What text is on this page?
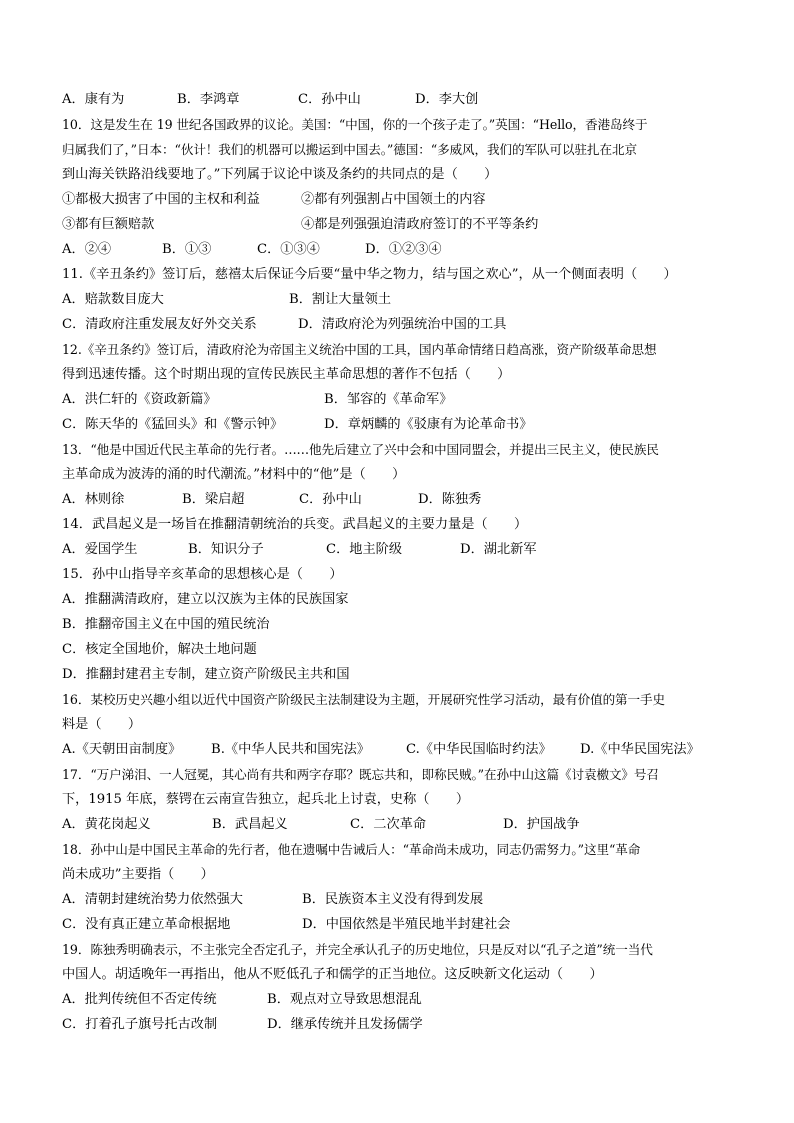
A．康有为	B．李鸿章	C．孙中山	D．李大创
10．这是发生在 19 世纪各国政界的议论。美国：“中国，你的一个孩子走了。”英国：“Hello，香港岛终于
归属我们了，”日本：“伙计！我们的机器可以搬运到中国去。”德国：“多威风，我们的军队可以驻扎在北京
到山海关铁路沿线要地了。”下列属于议论中谈及条约的共同点的是（　　）
①都极大损害了中国的主权和利益	②都有列强割占中国领土的内容
③都有巨额赔款	④都是列强强迫清政府签订的不平等条约
A．②④	B．①③	C．①③④	D．①②③④
11.《辛丑条约》签订后，慈禧太后保证今后要“量中华之物力，结与国之欢心”，从一个侧面表明（　　）
A．赔款数目庞大	B．割让大量领土
C．清政府注重发展友好外交关系	D．清政府沦为列强统治中国的工具
12.《辛丑条约》签订后，清政府沦为帝国主义统治中国的工具，国内革命情绪日趋高涨，资产阶级革命思想
得到迅速传播。这个时期出现的宣传民族民主革命思想的著作不包括（　　）
A．洪仁轩的《资政新篇》	B．邹容的《革命军》
C．陈天华的《猛回头》和《警示钟》	D．章炳麟的《驳康有为论革命书》
13．“他是中国近代民主革命的先行者。……他先后建立了兴中会和中国同盟会，并提出三民主义，使民族民
主革命成为波涛的涌的时代潮流。”材料中的“他”是（　　）
A．林则徐	B．梁启超	C．孙中山	D．陈独秀
14．武昌起义是一场旨在推翻清朝统治的兵变。武昌起义的主要力量是（　　）
A．爱国学生	B．知识分子	C．地主阶级	D．湖北新军
15．孙中山指导辛亥革命的思想核心是（　　）
A．推翻满清政府，建立以汉族为主体的民族国家
B．推翻帝国主义在中国的殖民统治
C．核定全国地价，解决土地问题
D．推翻封建君主专制，建立资产阶级民主共和国
16．某校历史兴趣小组以近代中国资产阶级民主法制建设为主题，开展研究性学习活动，最有价值的第一手史
料是（　　）
A.《天朝田亩制度》 B.《中华人民共和国宪法》	C.《中华民国临时约法》 D.《中华民国宪法》
17．“万户涕泪、一人冠冕，其心尚有共和两字存耶？既忘共和，即称民贼。”在孙中山这篇《讨袁檄文》号召
下，1915 年底，蔡锷在云南宣告独立，起兵北上讨袁，史称（　　）
A．黄花岗起义	B．武昌起义	C．二次革命	D．护国战争
18．孙中山是中国民主革命的先行者，他在遗嘱中告诫后人：“革命尚未成功，同志仍需努力。”这里“革命
尚未成功”主要指（　　）
A．清朝封建统治势力依然强大	B．民族资本主义没有得到发展
C．没有真正建立革命根据地	D．中国依然是半殖民地半封建社会
19．陈独秀明确表示，不主张完全否定孔子，并完全承认孔子的历史地位，只是反对以“孔子之道”统一当代
中国人。胡适晚年一再指出，他从不贬低孔子和儒学的正当地位。这反映新文化运动（　　）
A．批判传统但不否定传统	B．观点对立导致思想混乱
C．打着孔子旗号托古改制	D．继承传统并且发扬儒学
